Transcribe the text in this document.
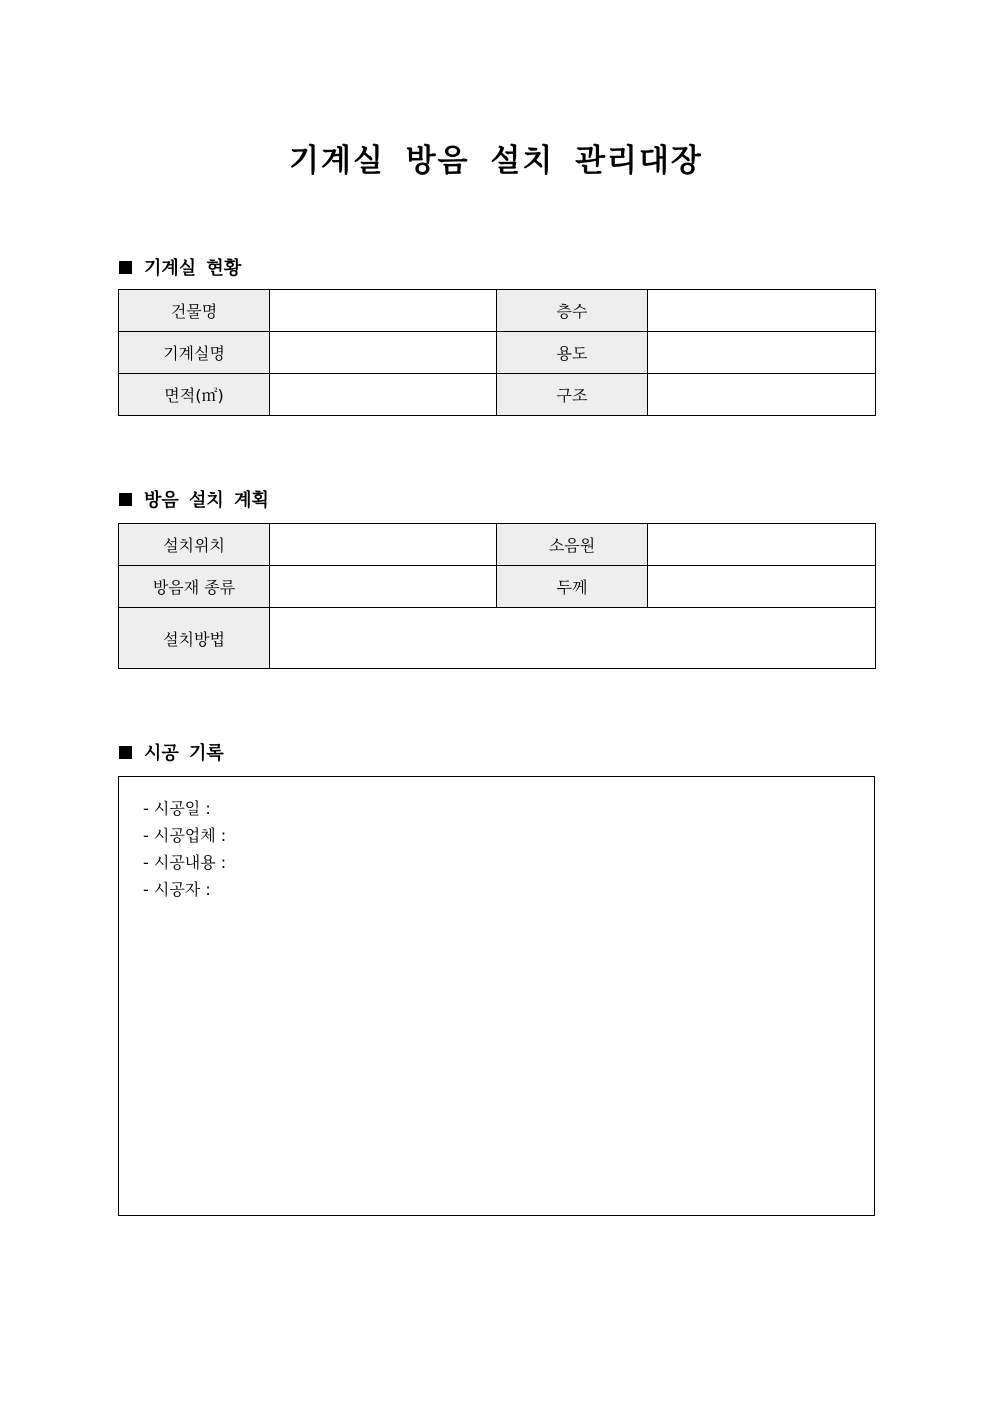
기계실 방음 설치 관리대장
기계실 현황
건물명		층수	
기계실명		용도	
면적(㎡)		구조	
방음 설치 계획
설치위치		소음원	
방음재 종류		두께	
설치방법			
시공 기록
- 시공일 :
- 시공업체 :
- 시공내용 :
- 시공자 :
